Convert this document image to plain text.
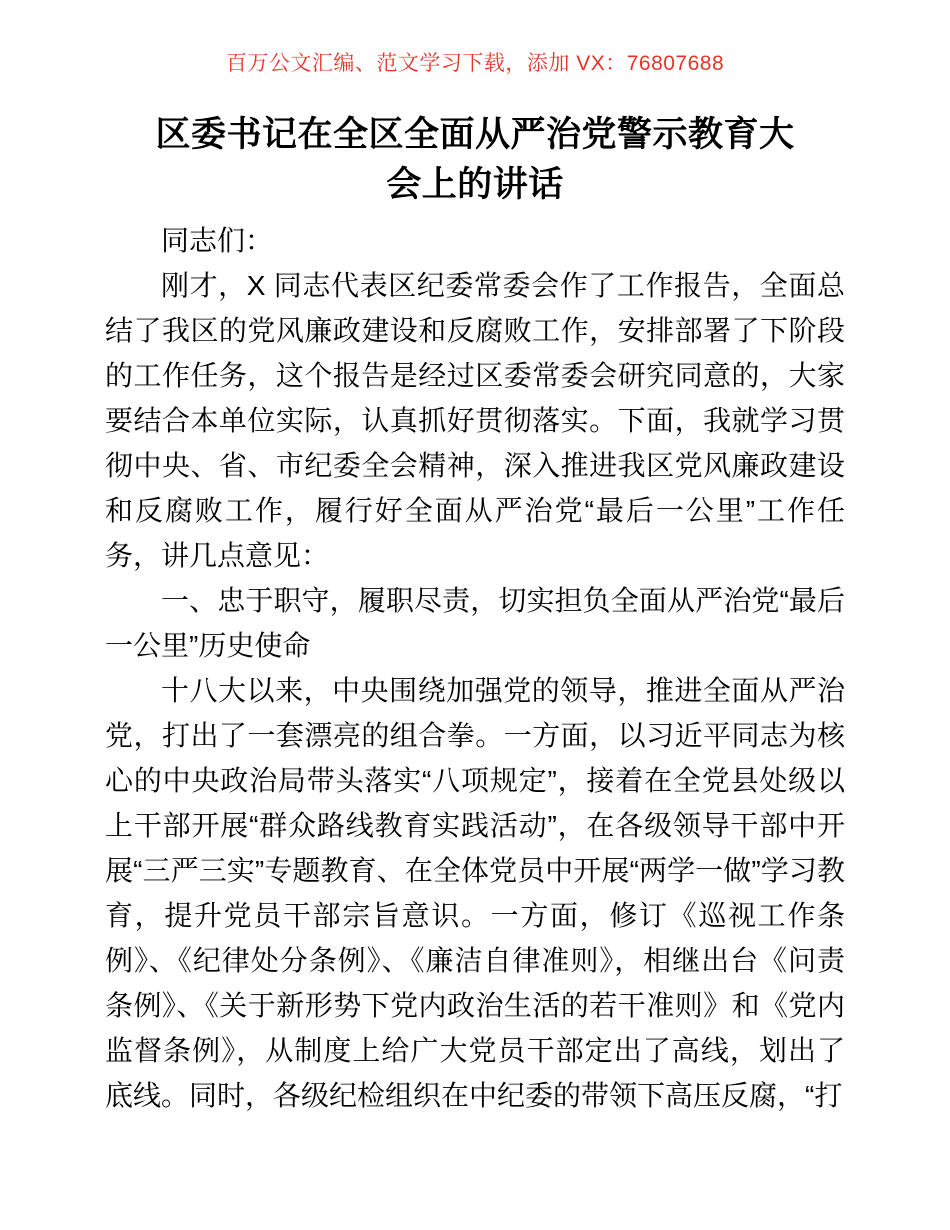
百万公文汇编、范文学习下载，添加 VX：76807688
区委书记在全区全面从严治党警示教育大会上的讲话

同志们：

刚才，X 同志代表区纪委常委会作了工作报告，全面总结了我区的党风廉政建设和反腐败工作，安排部署了下阶段的工作任务，这个报告是经过区委常委会研究同意的，大家要结合本单位实际，认真抓好贯彻落实。下面，我就学习贯彻中央、省、市纪委全会精神，深入推进我区党风廉政建设和反腐败工作，履行好全面从严治党“最后一公里”工作任务，讲几点意见：

一、忠于职守，履职尽责，切实担负全面从严治党“最后一公里”历史使命

十八大以来，中央围绕加强党的领导，推进全面从严治党，打出了一套漂亮的组合拳。一方面，以习近平同志为核心的中央政治局带头落实“八项规定”，接着在全党县处级以上干部开展“群众路线教育实践活动”，在各级领导干部中开展“三严三实”专题教育、在全体党员中开展“两学一做”学习教育，提升党员干部宗旨意识。一方面，修订《巡视工作条例》、《纪律处分条例》、《廉洁自律准则》，相继出台《问责条例》、《关于新形势下党内政治生活的若干准则》和《党内监督条例》，从制度上给广大党员干部定出了高线，划出了底线。同时，各级纪检组织在中纪委的带领下高压反腐，“打
